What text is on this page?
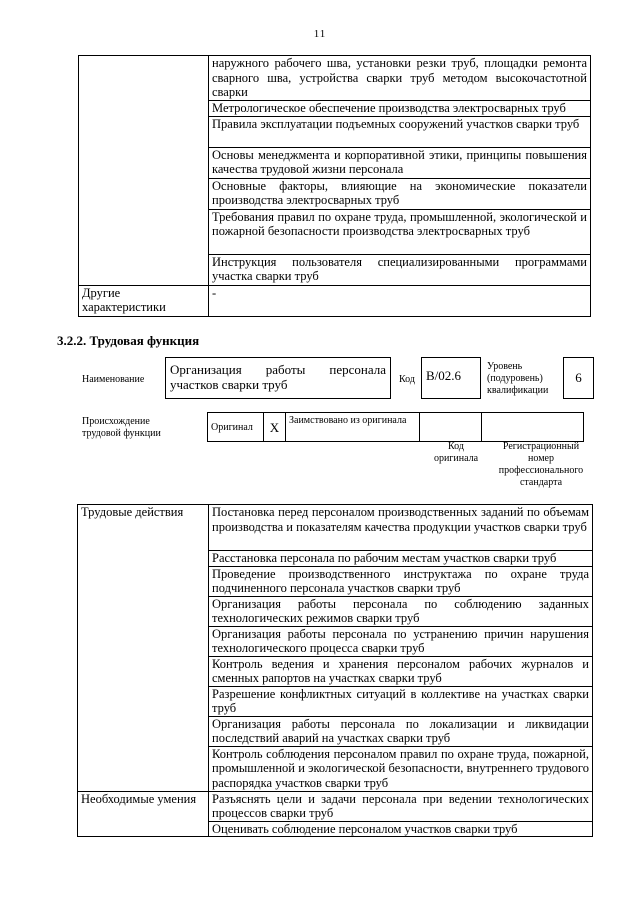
11
	наружного рабочего шва, установки резки труб, площадки ремонта сварного шва, устройства сварки труб методом высокочастотной сварки
	Метрологическое обеспечение производства электросварных труб
	Правила эксплуатации подъемных сооружений участков сварки труб
	Основы менеджмента и корпоративной этики, принципы повышения качества трудовой жизни персонала
	Основные факторы, влияющие на экономические показатели производства электросварных труб
	Требования правил по охране труда, промышленной, экологической и пожарной безопасности производства электросварных труб
	Инструкция пользователя специализированными программами участка сварки труб
Другие характеристики	-
3.2.2. Трудовая функция
Наименование
Организация работы персонала участков сварки труб	Код B/02.6
Уровень (подуровень) квалификации
6
Происхождение трудовой функции
Оригинал	X	Заимствовано из оригинала		
Код оригинала
Регистрационный номер профессионального стандарта
Трудовые действия	Постановка перед персоналом производственных заданий по объемам производства и показателям качества продукции участков сварки труб
	Расстановка персонала по рабочим местам участков сварки труб
	Проведение производственного инструктажа по охране труда подчиненного персонала участков сварки труб
	Организация работы персонала по соблюдению заданных технологических режимов сварки труб
	Организация работы персонала по устранению причин нарушения технологического процесса сварки труб
	Контроль ведения и хранения персоналом рабочих журналов и сменных рапортов на участках сварки труб
	Разрешение конфликтных ситуаций в коллективе на участках сварки труб
	Организация работы персонала по локализации и ликвидации последствий аварий на участках сварки труб
	Контроль соблюдения персоналом правил по охране труда, пожарной, промышленной и экологической безопасности, внутреннего трудового распорядка участков сварки труб
Необходимые умения	Разъяснять цели и задачи персонала при ведении технологических процессов сварки труб
	Оценивать соблюдение персоналом участков сварки труб
